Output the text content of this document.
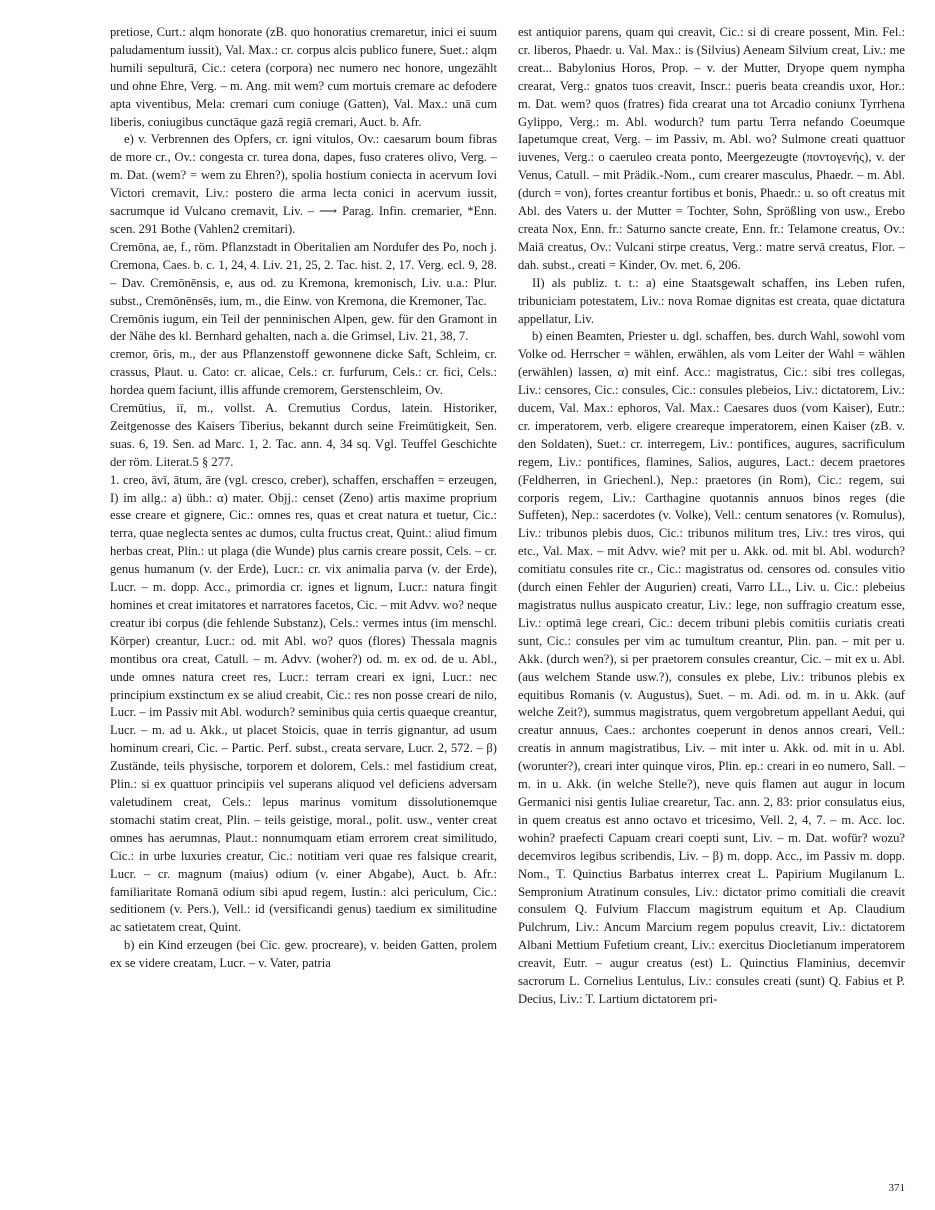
pretiose, Curt.: alqm honorate (zB. quo honoratius cremaretur, inici ei suum paludamentum iussit), Val. Max.: cr. corpus alcis publico funere, Suet.: alqm humili sepulturā, Cic.: cetera (corpora) nec numero nec honore, ungezählt und ohne Ehre, Verg. – m. Ang. mit wem? cum mortuis cremare ac defodere apta viventibus, Mela: cremari cum coniuge (Gatten), Val. Max.: unā cum liberis, coniugibus cunctāque gazā regiā cremari, Auct. b. Afr.

e) v. Verbrennen des Opfers, cr. igni vitulos, Ov.: caesarum boum fibras de more cr., Ov.: congesta cr. turea dona, dapes, fuso crateres olivo, Verg. – m. Dat. (wem? = wem zu Ehren?), spolia hostium coniecta in acervum Iovi Victori cremavit, Liv.: postero die arma lecta conici in acervum iussit, sacrumque id Vulcano cremavit, Liv. – ⟶ Parag. Infin. cremarier, *Enn. scen. 291 Bothe (Vahlen2 cremitari).

Cremōna, ae, f., röm. Pflanzstadt in Oberitalien am Nordufer des Po, noch j. Cremona, Caes. b. c. 1, 24, 4. Liv. 21, 25, 2. Tac. hist. 2, 17. Verg. ecl. 9, 28. – Dav. Cremōnēnsis, e, aus od. zu Kremona, kremonisch, Liv. u.a.: Plur. subst., Cremōnēnsēs, ium, m., die Einw. von Kremona, die Kremoner, Tac.

Cremōnis iugum, ein Teil der penninischen Alpen, gew. für den Gramont in der Nähe des kl. Bernhard gehalten, nach a. die Grimsel, Liv. 21, 38, 7.

cremor, ōris, m., der aus Pflanzenstoff gewonnene dicke Saft, Schleim, cr. crassus, Plaut. u. Cato: cr. alicae, Cels.: cr. furfurum, Cels.: cr. fici, Cels.: hordea quem faciunt, illis affunde cremorem, Gerstenschleim, Ov.

Cremūtius, iī, m., vollst. A. Cremutius Cordus, latein. Historiker, Zeitgenosse des Kaisers Tiberius, bekannt durch seine Freimütigkeit, Sen. suas. 6, 19. Sen. ad Marc. 1, 2. Tac. ann. 4, 34 sq. Vgl. Teuffel Geschichte der röm. Literat.5 § 277.

1. creo, āvī, ātum, āre (vgl. cresco, creber), schaffen, erschaffen = erzeugen, I) im allg.: a) übh.: α) mater. Objj.: censet (Zeno) artis maxime proprium esse creare et gignere, Cic.: omnes res, quas et creat natura et tuetur, Cic.: terra, quae neglecta sentes ac dumos, culta fructus creat, Quint.: aliud fimum herbas creat, Plin.: ut plaga (die Wunde) plus carnis creare possit, Cels. – cr. genus humanum (v. der Erde), Lucr.: cr. vix animalia parva (v. der Erde), Lucr. – m. dopp. Acc., primordia cr. ignes et lignum, Lucr.: natura fingit homines et creat imitatores et narratores facetos, Cic. – mit Advv. wo? neque creatur ibi corpus (die fehlende Substanz), Cels.: vermes intus (im menschl. Körper) creantur, Lucr.: od. mit Abl. wo? quos (flores) Thessala magnis montibus ora creat, Catull. – m. Advv. (woher?) od. m. ex od. de u. Abl., unde omnes natura creet res, Lucr.: terram creari ex igni, Lucr.: nec principium exstinctum ex se aliud creabit, Cic.: res non posse creari de nilo, Lucr. – im Passiv mit Abl. wodurch? seminibus quia certis quaeque creantur, Lucr. – m. ad u. Akk., ut placet Stoicis, quae in terris gignantur, ad usum hominum creari, Cic. – Partic. Perf. subst., creata servare, Lucr. 2, 572. – β) Zustände, teils physische, torporem et dolorem, Cels.: mel fastidium creat, Plin.: si ex quattuor principiis vel superans aliquod vel deficiens adversam valetudinem creat, Cels.: lepus marinus vomitum dissolutionemque stomachi statim creat, Plin. – teils geistige, moral., polit. usw., venter creat omnes has aerumnas, Plaut.: nonnumquam etiam errorem creat similitudo, Cic.: in urbe luxuries creatur, Cic.: notitiam veri quae res falsique crearit, Lucr. – cr. magnum (maius) odium (v. einer Abgabe), Auct. b. Afr.: familiaritate Romanā odium sibi apud regem, Iustin.: alci periculum, Cic.: seditionem (v. Pers.), Vell.: id (versificandi genus) taedium ex similitudine ac satietatem creat, Quint.

b) ein Kind erzeugen (bei Cic. gew. procreare), v. beiden Gatten, prolem ex se videre creatam, Lucr. – v. Vater, patria

est antiquior parens, quam qui creavit, Cic.: si di creare possent, Min. Fel.: cr. liberos, Phaedr. u. Val. Max.: is (Silvius) Aeneam Silvium creat, Liv.: me creat... Babylonius Horos, Prop. – v. der Mutter, Dryope quem nympha crearat, Verg.: gnatos tuos creavit, Inscr.: pueris beata creandis uxor, Hor.: m. Dat. wem? quos (fratres) fida crearat una tot Arcadio coniunx Tyrrhena Gylippo, Verg.: m. Abl. wodurch? tum partu Terra nefando Coeumque Iapetumque creat, Verg. – im Passiv, m. Abl. wo? Sulmone creati quattuor iuvenes, Verg.: o caeruleo creata ponto, Meergezeugte (ποντογενής), v. der Venus, Catull. – mit Prädik.-Nom., cum crearer masculus, Phaedr. – m. Abl. (durch = von), fortes creantur fortibus et bonis, Phaedr.: u. so oft creatus mit Abl. des Vaters u. der Mutter = Tochter, Sohn, Sprößling von usw., Erebo creata Nox, Enn. fr.: Saturno sancte create, Enn. fr.: Telamone creatus, Ov.: Maiā creatus, Ov.: Vulcani stirpe creatus, Verg.: matre servā creatus, Flor. – dah. subst., creati = Kinder, Ov. met. 6, 206.

II) als publiz. t. t.: a) eine Staatsgewalt schaffen, ins Leben rufen, tribuniciam potestatem, Liv.: nova Romae dignitas est creata, quae dictatura appellatur, Liv.

b) einen Beamten, Priester u. dgl. schaffen, bes. durch Wahl, sowohl vom Volke od. Herrscher = wählen, erwählen, als vom Leiter der Wahl = wählen (erwählen) lassen, α) mit einf. Acc.: magistratus, Cic.: sibi tres collegas, Liv.: censores, Cic.: consules, Cic.: consules plebeios, Liv.: dictatorem, Liv.: ducem, Val. Max.: ephoros, Val. Max.: Caesares duos (vom Kaiser), Eutr.: cr. imperatorem, verb. eligere creareque imperatorem, einen Kaiser (zB. v. den Soldaten), Suet.: cr. interregem, Liv.: pontifices, augures, sacrificulum regem, Liv.: pontifices, flamines, Salios, augures, Lact.: decem praetores (Feldherren, in Griechenl.), Nep.: praetores (in Rom), Cic.: regem, sui corporis regem, Liv.: Carthagine quotannis annuos binos reges (die Suffeten), Nep.: sacerdotes (v. Volke), Vell.: centum senatores (v. Romulus), Liv.: tribunos plebis duos, Cic.: tribunos militum tres, Liv.: tres viros, qui etc., Val. Max. – mit Advv. wie? mit per u. Akk. od. mit bl. Abl. wodurch? comitiatu consules rite cr., Cic.: magistratus od. censores od. consules vitio (durch einen Fehler der Augurien) creati, Varro LL., Liv. u. Cic.: plebeius magistratus nullus auspicato creatur, Liv.: lege, non suffragio creatum esse, Liv.: optimā lege creari, Cic.: decem tribuni plebis comitiis curiatis creati sunt, Cic.: consules per vim ac tumultum creantur, Plin. pan. – mit per u. Akk. (durch wen?), si per praetorem consules creantur, Cic. – mit ex u. Abl. (aus welchem Stande usw.?), consules ex plebe, Liv.: tribunos plebis ex equitibus Romanis (v. Augustus), Suet. – m. Adi. od. m. in u. Akk. (auf welche Zeit?), summus magistratus, quem vergobretum appellant Aedui, qui creatur annuus, Caes.: archontes coeperunt in denos annos creari, Vell.: creatis in annum magistratibus, Liv. – mit inter u. Akk. od. mit in u. Abl. (worunter?), creari inter quinque viros, Plin. ep.: creari in eo numero, Sall. – m. in u. Akk. (in welche Stelle?), neve quis flamen aut augur in locum Germanici nisi gentis Iuliae crearetur, Tac. ann. 2, 83: prior consulatus eius, in quem creatus est anno octavo et tricesimo, Vell. 2, 4, 7. – m. Acc. loc. wohin? praefecti Capuam creari coepti sunt, Liv. – m. Dat. wofür? wozu? decemviros legibus scribendis, Liv. – β) m. dopp. Acc., im Passiv m. dopp. Nom., T. Quinctius Barbatus interrex creat L. Papirium Mugilanum L. Sempronium Atratinum consules, Liv.: dictator primo comitiali die creavit consulem Q. Fulvium Flaccum magistrum equitum et Ap. Claudium Pulchrum, Liv.: Ancum Marcium regem populus creavit, Liv.: dictatorem Albani Mettium Fufetium creant, Liv.: exercitus Diocletianum imperatorem creavit, Eutr. – augur creatus (est) L. Quinctius Flaminius, decemvir sacrorum L. Cornelius Lentulus, Liv.: consules creati (sunt) Q. Fabius et P. Decius, Liv.: T. Lartium dictatorem pri-

371
